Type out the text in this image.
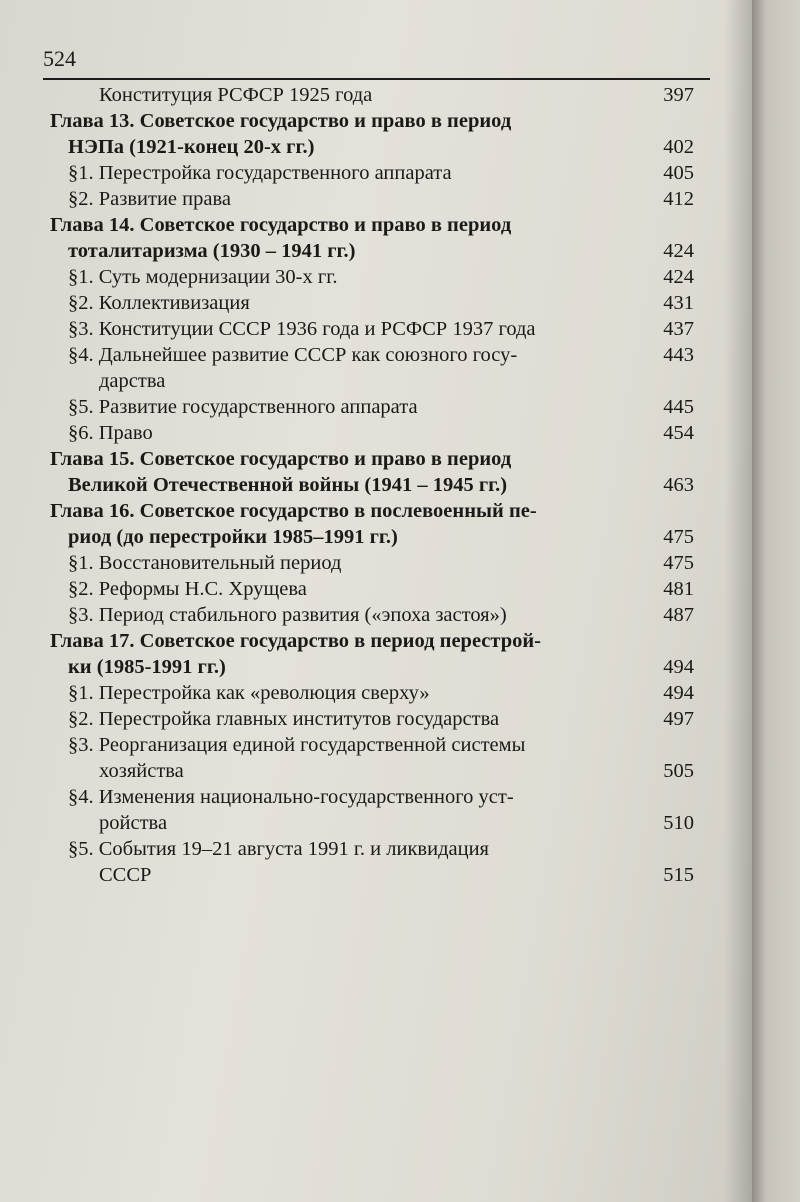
524
Конституция РСФСР 1925 года	397
Глава 13. Советское государство и право в период
НЭПа (1921-конец 20-х гг.)	402
§1. Перестройка государственного аппарата	405
§2. Развитие права	412
Глава 14. Советское государство и право в период
тоталитаризма (1930 – 1941 гг.)	424
§1. Суть модернизации 30-х гг.	424
§2. Коллективизация	431
§3. Конституции СССР 1936 года и РСФСР 1937 года	437
§4. Дальнейшее развитие СССР как союзного госу-	443
дарства
§5. Развитие государственного аппарата	445
§6. Право	454
Глава 15. Советское государство и право в период
Великой Отечественной войны (1941 – 1945 гг.)	463
Глава 16. Советское государство в послевоенный пе-
риод (до перестройки 1985–1991 гг.)	475
§1. Восстановительный период	475
§2. Реформы Н.С. Хрущева	481
§3. Период стабильного развития («эпоха застоя»)	487
Глава 17. Советское государство в период перестрой-
ки (1985-1991 гг.)	494
§1. Перестройка как «революция сверху»	494
§2. Перестройка главных институтов государства	497
§3. Реорганизация единой государственной системы
хозяйства	505
§4. Изменения национально-государственного уст-
ройства	510
§5. События 19–21 августа 1991 г. и ликвидация
СССР	515
